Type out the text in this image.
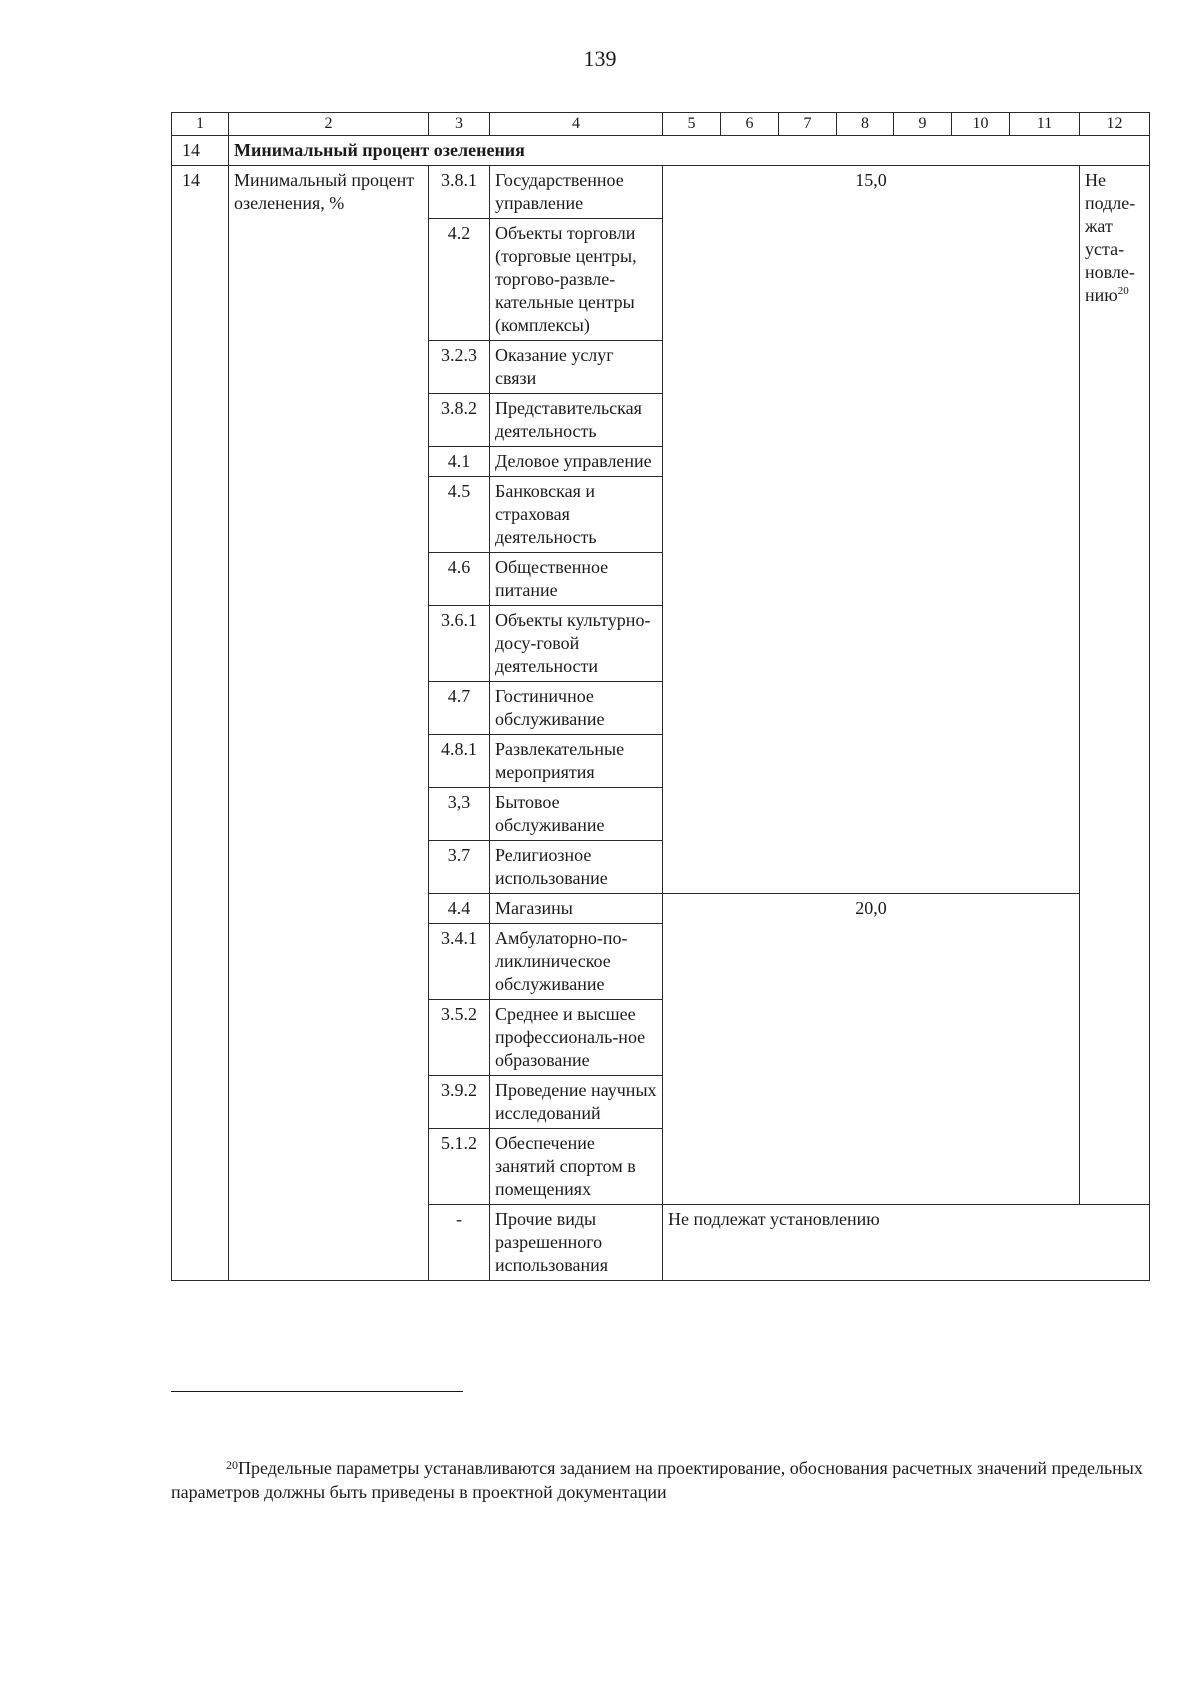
139
1	2	3	4	5	6	7	8	9	10	11	12
14	Минимальный процент озеленения										
14	Минимальный процент озеленения, %	3.8.1	Государственное управление	15,0							Не подле-жат уста-новле-нию$^{20}$
		4.2	Объекты торговли (торговые центры, торгово-развле-кательные центры (комплексы)								
		3.2.3	Оказание услуг связи								
		3.8.2	Представительская деятельность								
		4.1	Деловое управление								
		4.5	Банковская и страховая деятельность								
		4.6	Общественное питание								
		3.6.1	Объекты культурно-досу-говой деятельности								
		4.7	Гостиничное обслуживание								
		4.8.1	Развлекательные мероприятия								
		3,3	Бытовое обслуживание								
		3.7	Религиозное использование								
		4.4	Магазины	20,0							
		3.4.1	Амбулаторно-по-ликлиническое обслуживание								
		3.5.2	Среднее и высшее профессиональ-ное образование								
		3.9.2	Проведение научных исследований								
		5.1.2	Обеспечение занятий спортом в помещениях								
		-	Прочие виды разрешенного использования	Не подлежат установлению							
$^{20}$Предельные параметры устанавливаются заданием на проектирование, обоснования расчетных значений предельных параметров должны быть приведены в проектной документации
